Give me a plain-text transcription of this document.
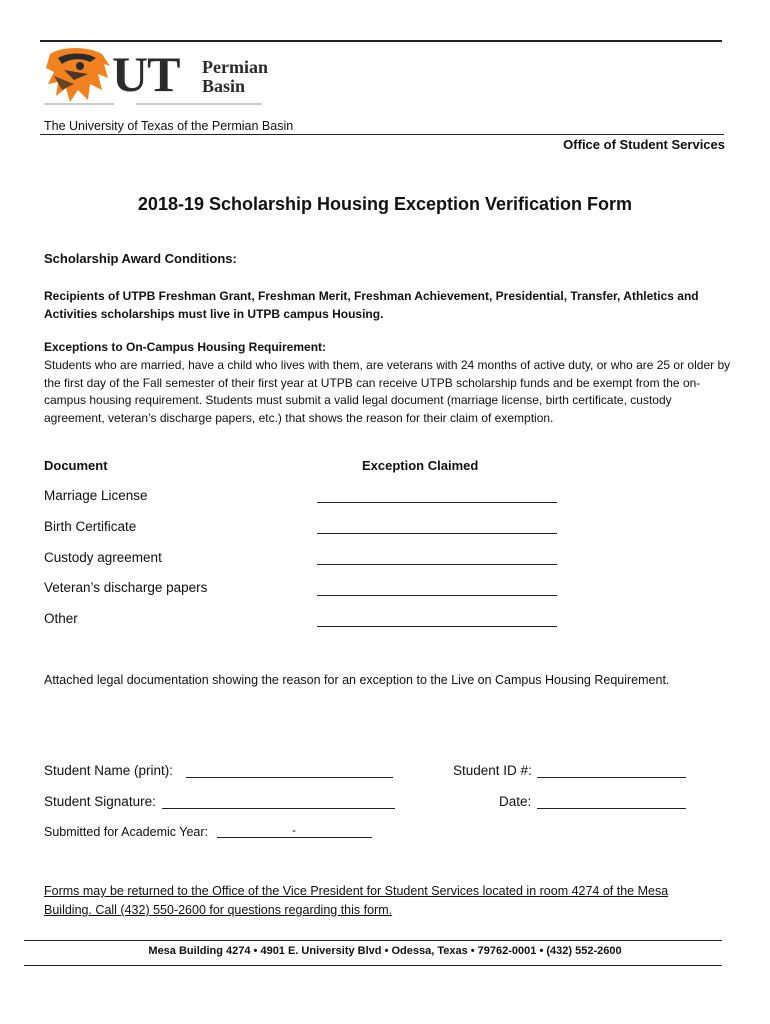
UT Permian
Basin
The University of Texas of the Permian Basin
Office of Student Services
2018-19 Scholarship Housing Exception Verification Form
Scholarship Award Conditions:
Recipients of UTPB Freshman Grant, Freshman Merit, Freshman Achievement, Presidential, Transfer, Athletics and Activities scholarships must live in UTPB campus Housing.
Exceptions to On-Campus Housing Requirement:
Students who are married, have a child who lives with them, are veterans with 24 months of active duty, or who are 25 or older by the first day of the Fall semester of their first year at UTPB can receive UTPB scholarship funds and be exempt from the on-campus housing requirement. Students must submit a valid legal document (marriage license, birth certificate, custody agreement, veteran’s discharge papers, etc.) that shows the reason for their claim of exemption.
Document	Exception Claimed
Marriage License
Birth Certificate
Custody agreement
Veteran’s discharge papers
Other
Attached legal documentation showing the reason for an exception to the Live on Campus Housing Requirement.
Student Name (print):	Student ID #:
Student Signature:	Date:
Submitted for Academic Year:	-
Forms may be returned to the Office of the Vice President for Student Services located in room 4274 of the Mesa Building. Call (432) 550-2600 for questions regarding this form.
Mesa Building 4274 • 4901 E. University Blvd • Odessa, Texas • 79762-0001 • (432) 552-2600
